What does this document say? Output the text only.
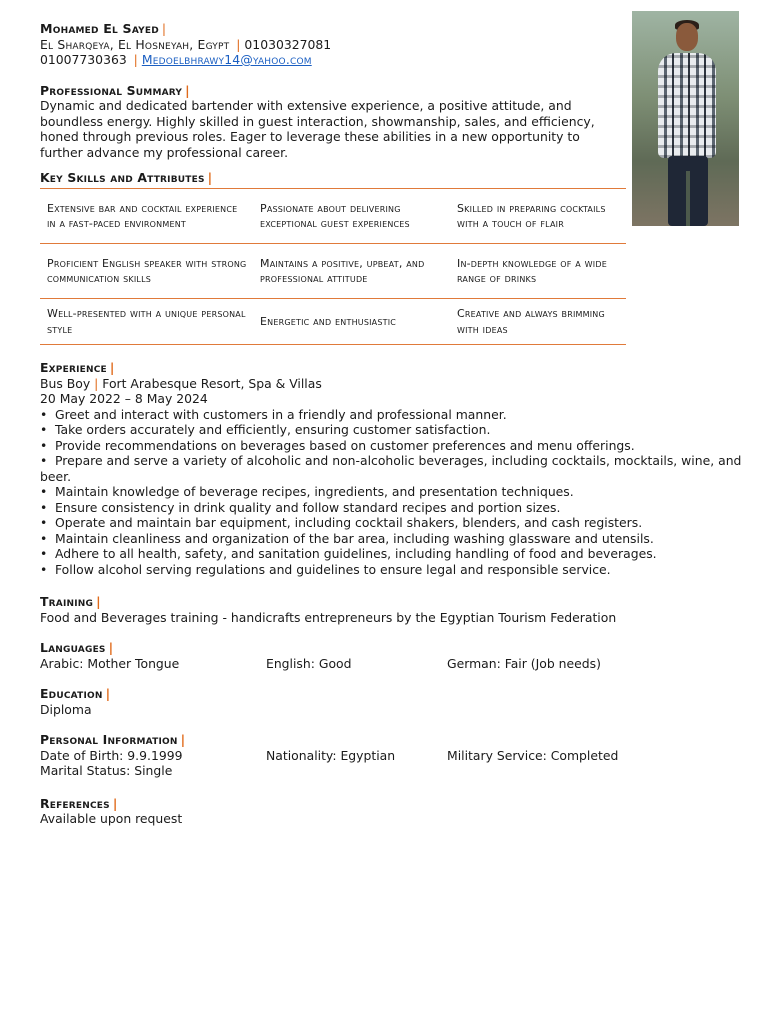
Mohamed El Sayed |
El Sharqeya, El Hosneyah, Egypt | 01030327081
01007730363 | Medoelbhrawy14@yahoo.com
Professional Summary |
Dynamic and dedicated bartender with extensive experience, a positive attitude, and boundless energy. Highly skilled in guest interaction, showmanship, sales, and efficiency, honed through previous roles. Eager to leverage these abilities in a new opportunity to further advance my professional career.
Key Skills and Attributes |
Extensive bar and cocktail experience in a fast-paced environment	Passionate about delivering exceptional guest experiences	Skilled in preparing cocktails with a touch of flair
Proficient English speaker with strong communication skills	Maintains a positive, upbeat, and professional attitude	In-depth knowledge of a wide range of drinks
Well-presented with a unique personal style	Energetic and enthusiastic	Creative and always brimming with ideas
Experience |
Bus Boy | Fort Arabesque Resort, Spa & Villas
20 May 2022 – 8 May 2024
• Greet and interact with customers in a friendly and professional manner.
• Take orders accurately and efficiently, ensuring customer satisfaction.
• Provide recommendations on beverages based on customer preferences and menu offerings.
• Prepare and serve a variety of alcoholic and non-alcoholic beverages, including cocktails, mocktails, wine, and
beer.
• Maintain knowledge of beverage recipes, ingredients, and presentation techniques.
• Ensure consistency in drink quality and follow standard recipes and portion sizes.
• Operate and maintain bar equipment, including cocktail shakers, blenders, and cash registers.
• Maintain cleanliness and organization of the bar area, including washing glassware and utensils.
• Adhere to all health, safety, and sanitation guidelines, including handling of food and beverages.
• Follow alcohol serving regulations and guidelines to ensure legal and responsible service.
Training |
Food and Beverages training - handicrafts entrepreneurs by the Egyptian Tourism Federation
Languages |
Arabic: Mother Tongue	English: Good	German: Fair (Job needs)
Education |
Diploma
Personal Information |
Date of Birth: 9.9.1999	Nationality: Egyptian	Military Service: Completed
Marital Status: Single
References |
Available upon request
